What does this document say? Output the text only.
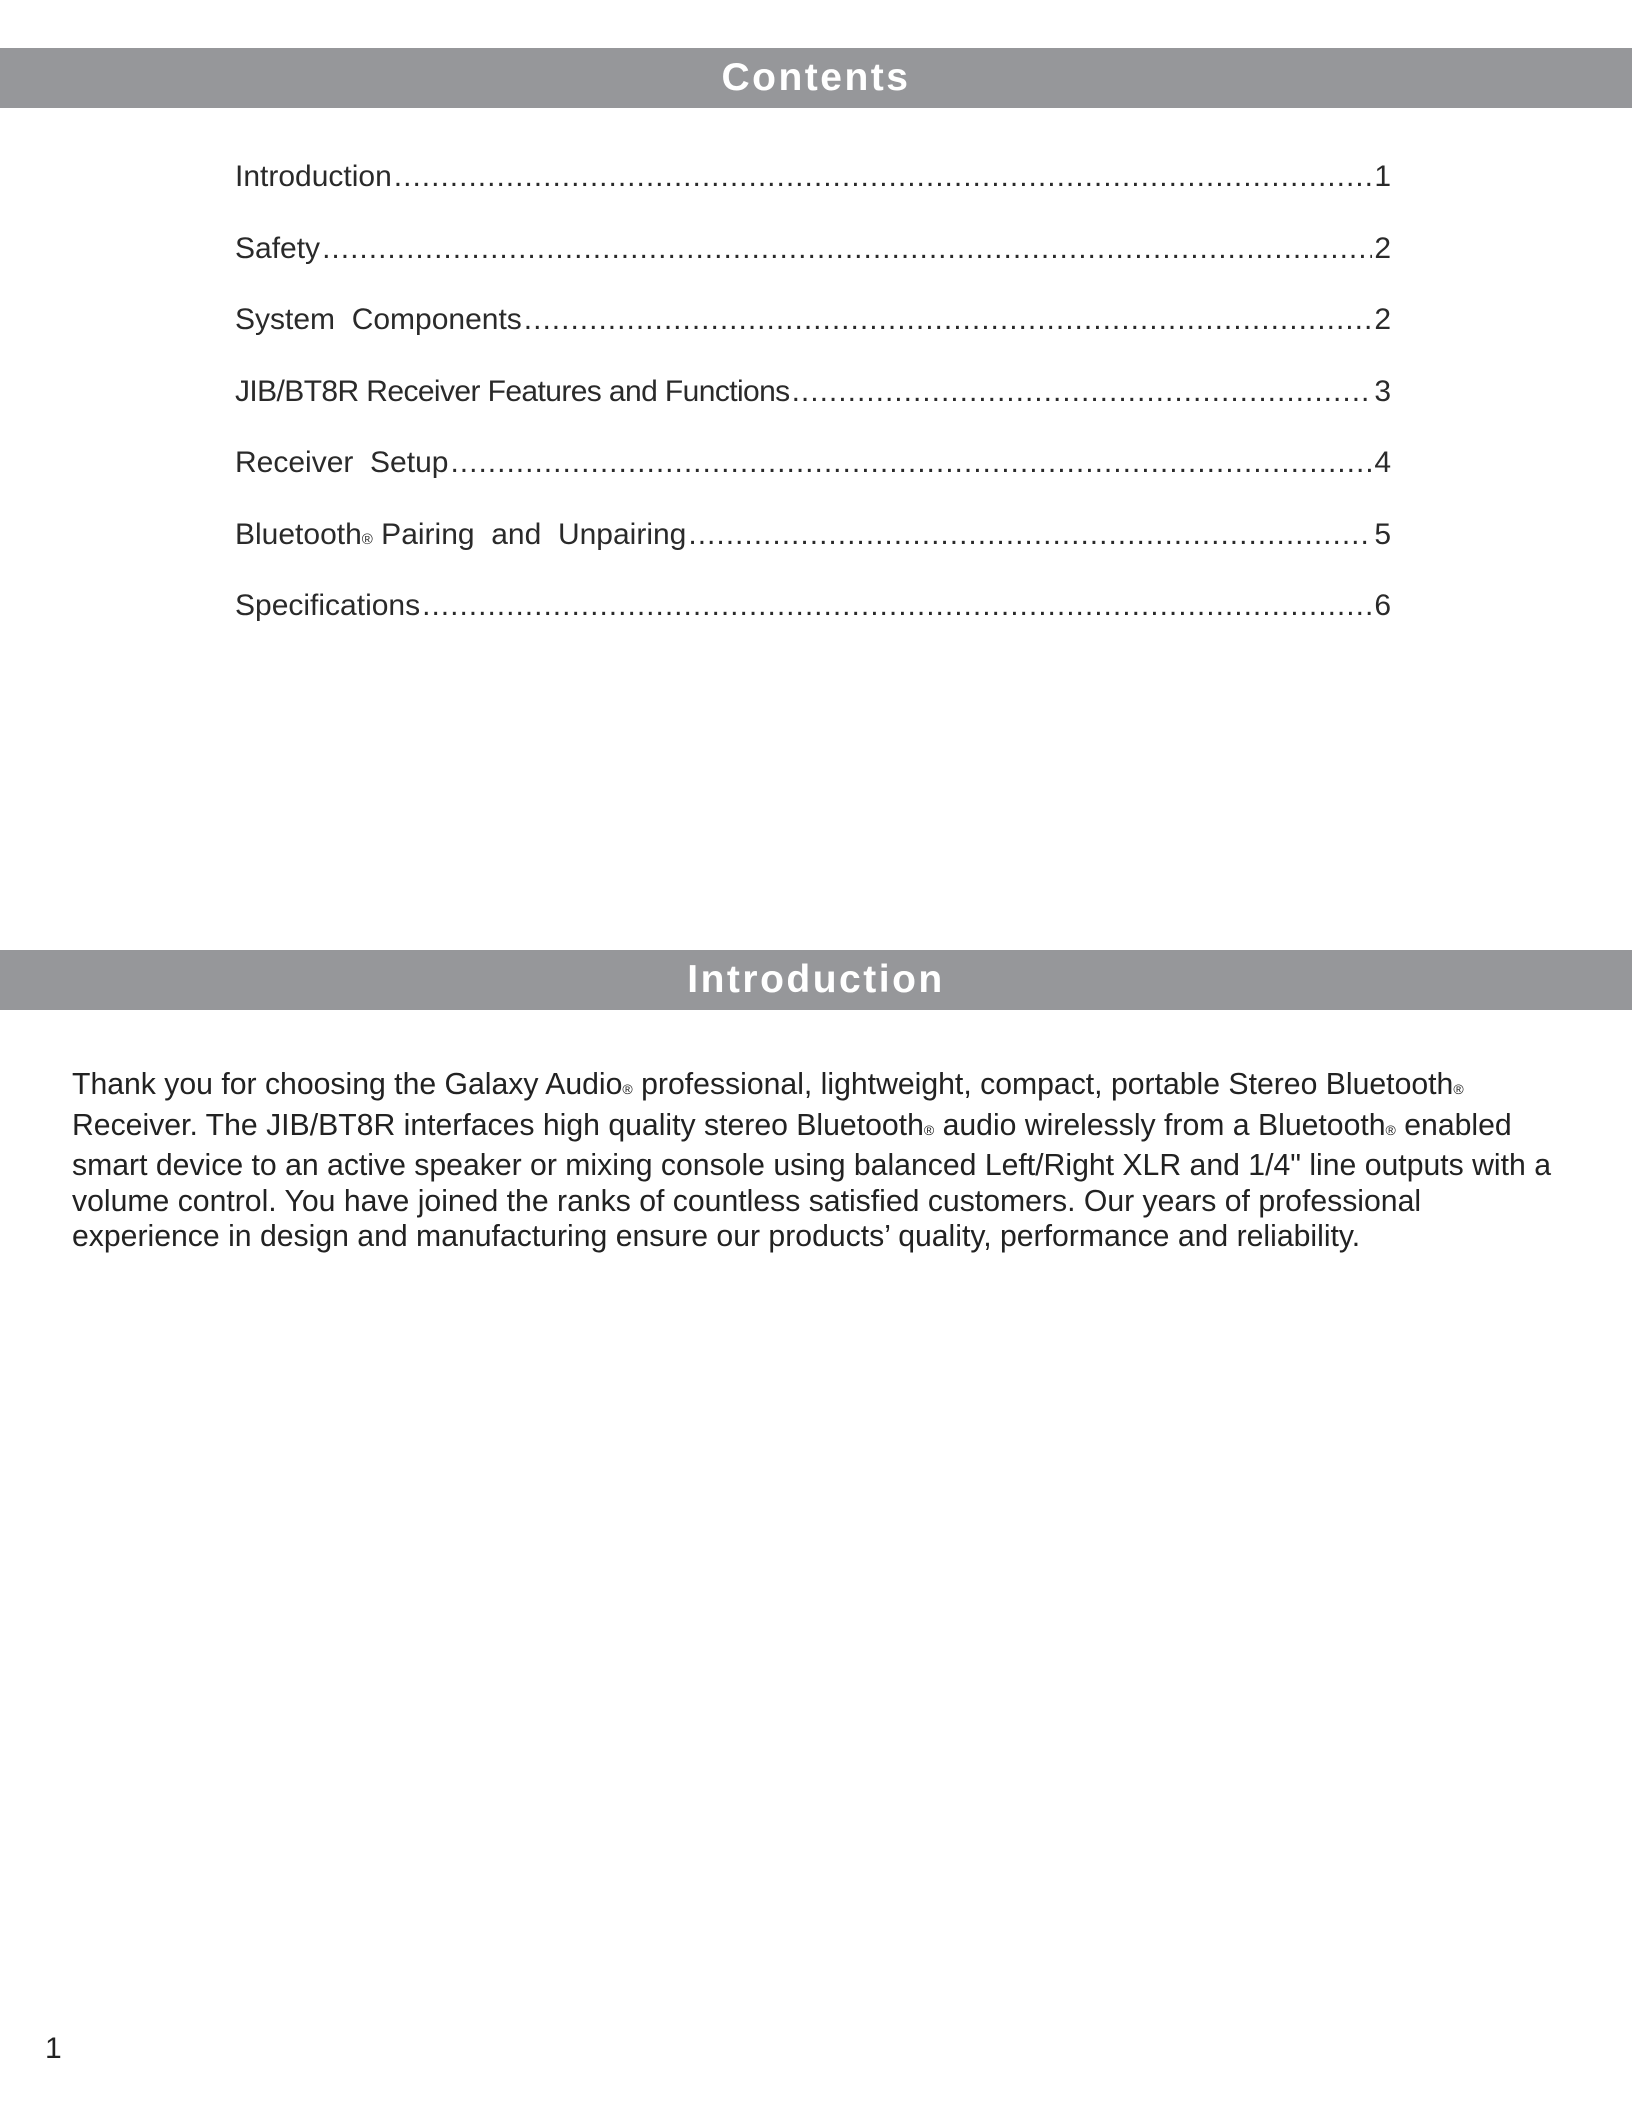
Contents
Introduction .....	1
Safety .....	2
System  Components .....	2
JIB/BT8R Receiver Features and Functions .....	3
Receiver  Setup .....	4
Bluetooth® Pairing  and  Unpairing .....	5
Specifications .....	6
Introduction
Thank you for choosing the Galaxy Audio® professional, lightweight, compact, portable Stereo Bluetooth® Receiver. The JIB/BT8R interfaces high quality stereo Bluetooth® audio wirelessly from a Bluetooth® enabled smart device to an active speaker or mixing console using balanced Left/Right XLR and 1/4" line outputs with a volume control. You have joined the ranks of countless satisfied customers. Our years of professional experience in design and manufacturing ensure our products’ quality, performance and reliability.
1
